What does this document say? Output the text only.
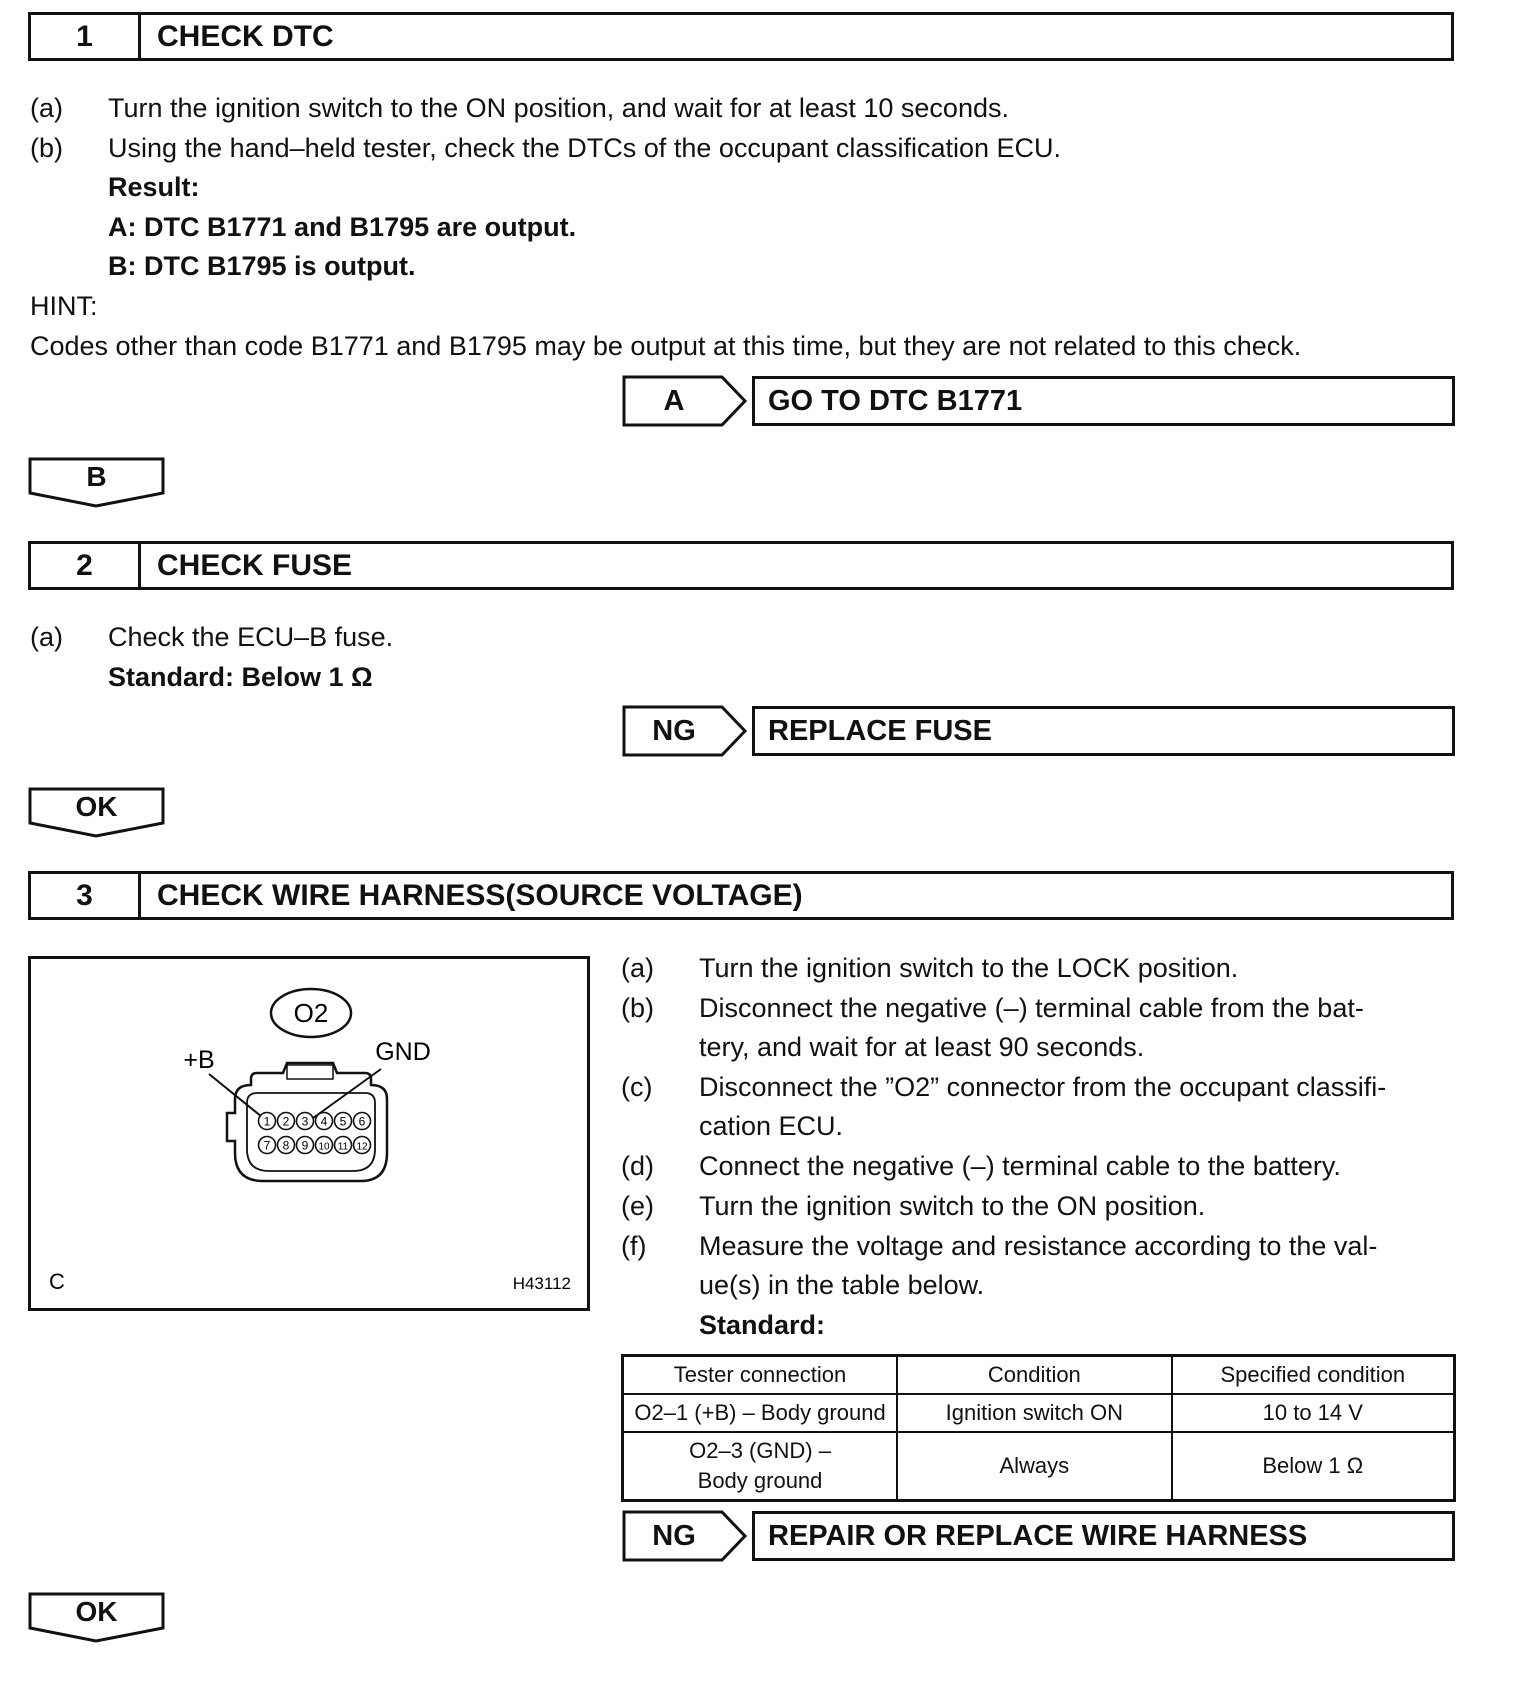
1	CHECK DTC
(a) Turn the ignition switch to the ON position, and wait for at least 10 seconds.
(b) Using the hand–held tester, check the DTCs of the occupant classification ECU.
Result:
A: DTC B1771 and B1795 are output.
B: DTC B1795 is output.
HINT:
Codes other than code B1771 and B1795 may be output at this time, but they are not related to this check.
A	GO TO DTC B1771
B
2	CHECK FUSE
(a) Check the ECU–B fuse.
Standard: Below 1 Ω
NG	REPLACE FUSE
OK
3	CHECK WIRE HARNESS(SOURCE VOLTAGE)
O2
+B	GND
1 2 3 4 5 6
7 8 9 10 11 12
C	H43112
(a) Turn the ignition switch to the LOCK position.
(b) Disconnect the negative (–) terminal cable from the bat-
tery, and wait for at least 90 seconds.
(c) Disconnect the ”O2” connector from the occupant classifi-
cation ECU.
(d) Connect the negative (–) terminal cable to the battery.
(e) Turn the ignition switch to the ON position.
(f) Measure the voltage and resistance according to the val-
ue(s) in the table below.
Standard:
Tester connection	Condition	Specified condition
O2–1 (+B) – Body ground	Ignition switch ON	10 to 14 V

O2–3 (GND) –
Body ground	Always	Below 1 Ω
NG	REPAIR OR REPLACE WIRE HARNESS
OK
